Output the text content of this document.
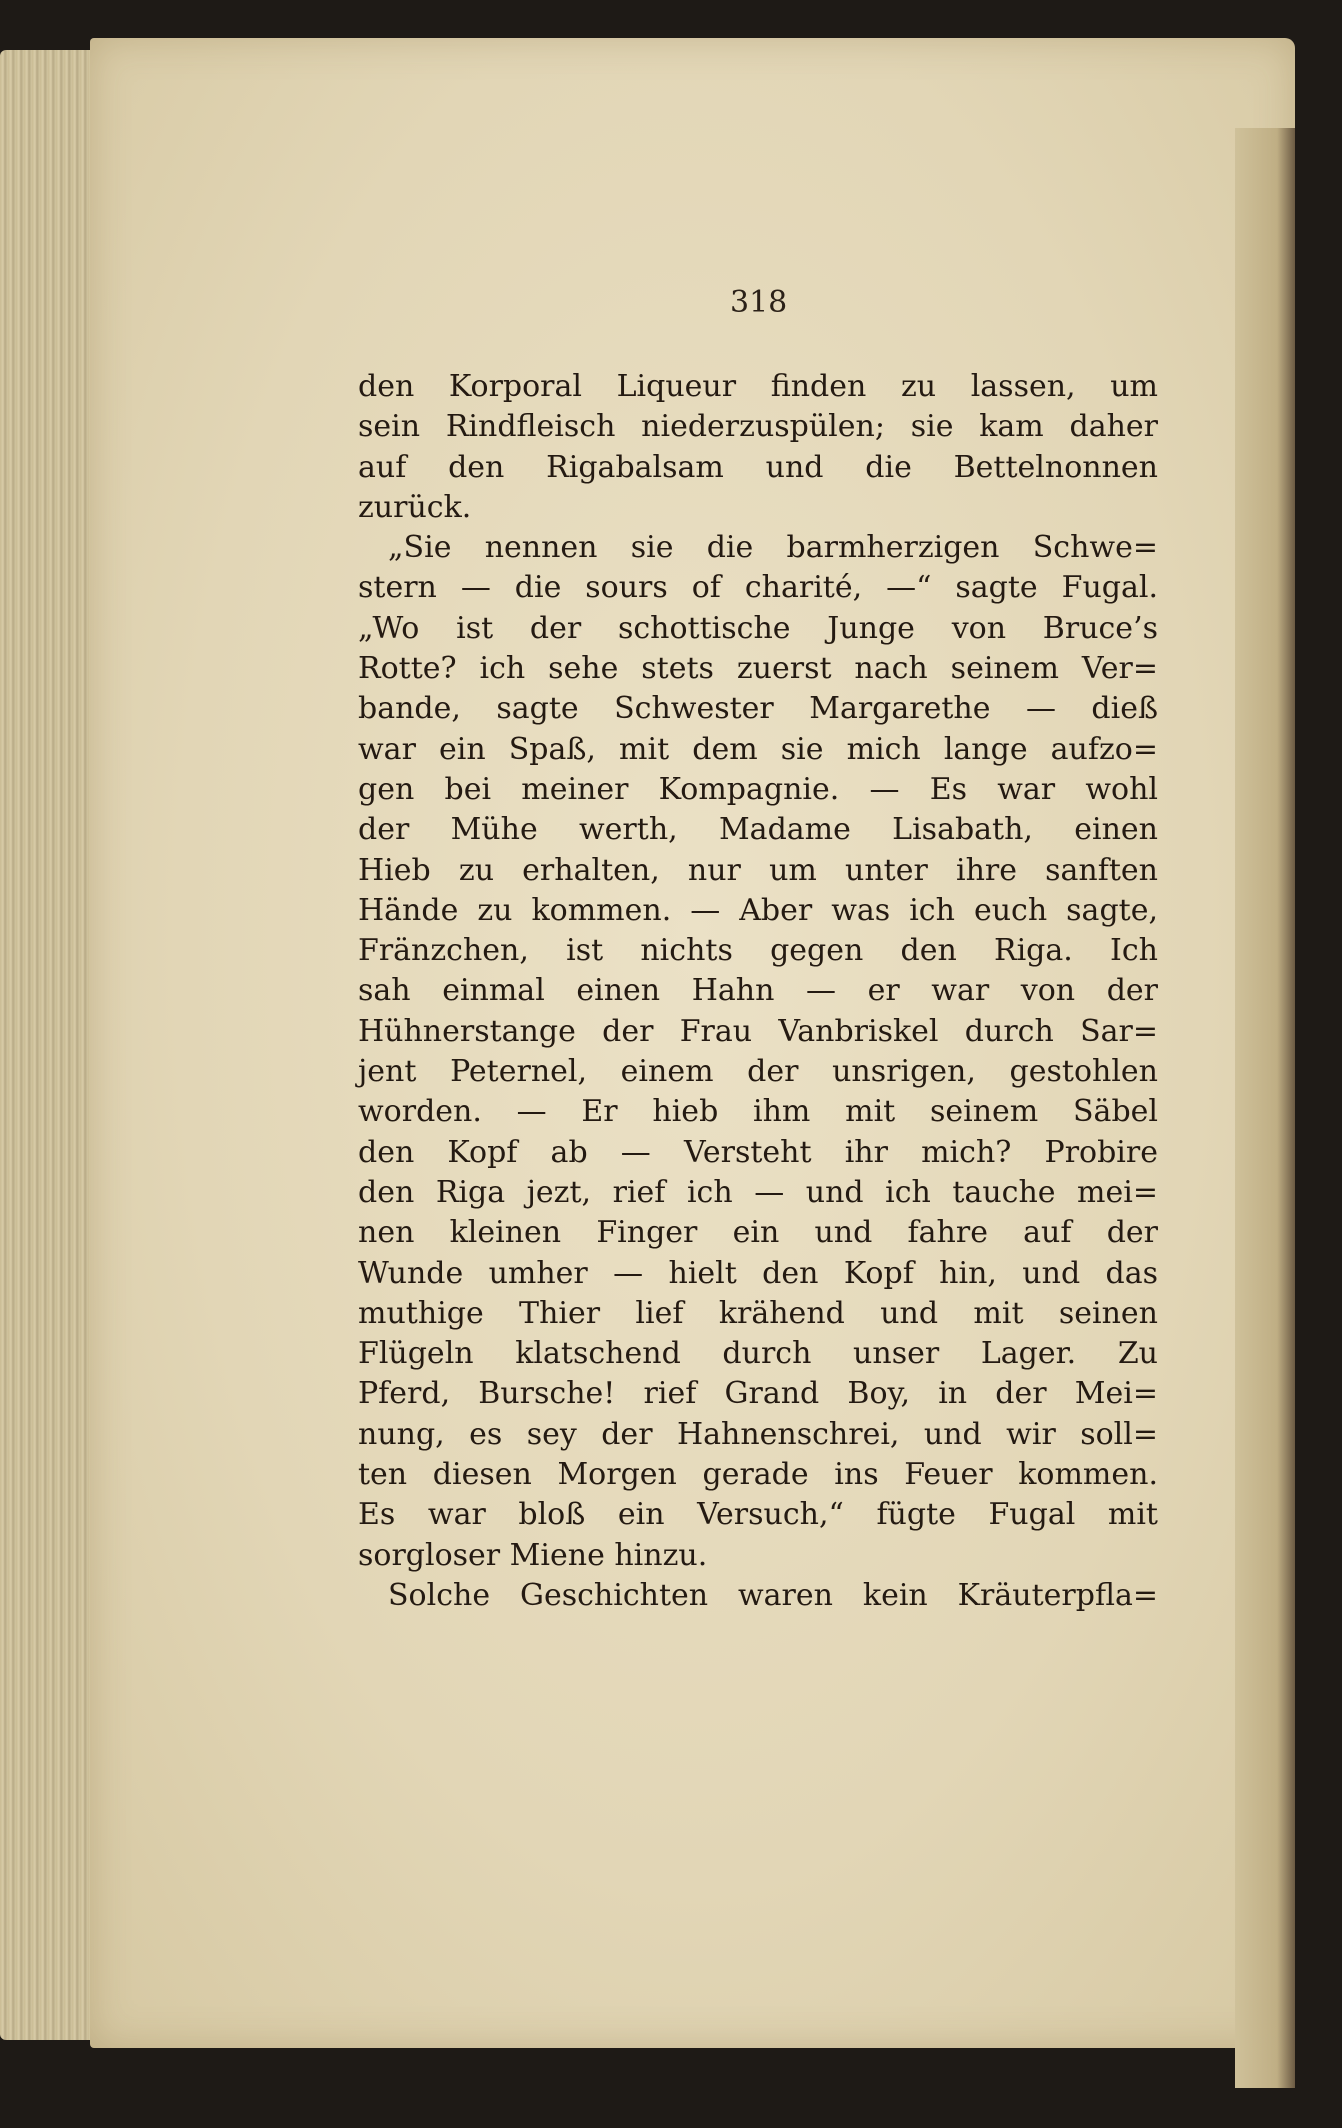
318
den Korporal Liqueur finden zu lassen, um
sein Rindfleisch niederzuspülen; sie kam daher
auf den Rigabalsam und die Bettelnonnen
zurück.
„Sie nennen sie die barmherzigen Schwe=
stern — die sours of charité, —“ sagte Fugal.
„Wo ist der schottische Junge von Bruce’s
Rotte? ich sehe stets zuerst nach seinem Ver=
bande, sagte Schwester Margarethe — dieß
war ein Spaß, mit dem sie mich lange aufzo=
gen bei meiner Kompagnie. — Es war wohl
der Mühe werth, Madame Lisabath, einen
Hieb zu erhalten, nur um unter ihre sanften
Hände zu kommen. — Aber was ich euch sagte,
Fränzchen, ist nichts gegen den Riga. Ich
sah einmal einen Hahn — er war von der
Hühnerstange der Frau Vanbriskel durch Sar=
jent Peternel, einem der unsrigen, gestohlen
worden. — Er hieb ihm mit seinem Säbel
den Kopf ab — Versteht ihr mich? Probire
den Riga jezt, rief ich — und ich tauche mei=
nen kleinen Finger ein und fahre auf der
Wunde umher — hielt den Kopf hin, und das
muthige Thier lief krähend und mit seinen
Flügeln klatschend durch unser Lager. Zu
Pferd, Bursche! rief Grand Boy, in der Mei=
nung, es sey der Hahnenschrei, und wir soll=
ten diesen Morgen gerade ins Feuer kommen.
Es war bloß ein Versuch,“ fügte Fugal mit
sorgloser Miene hinzu.
Solche Geschichten waren kein Kräuterpfla=
